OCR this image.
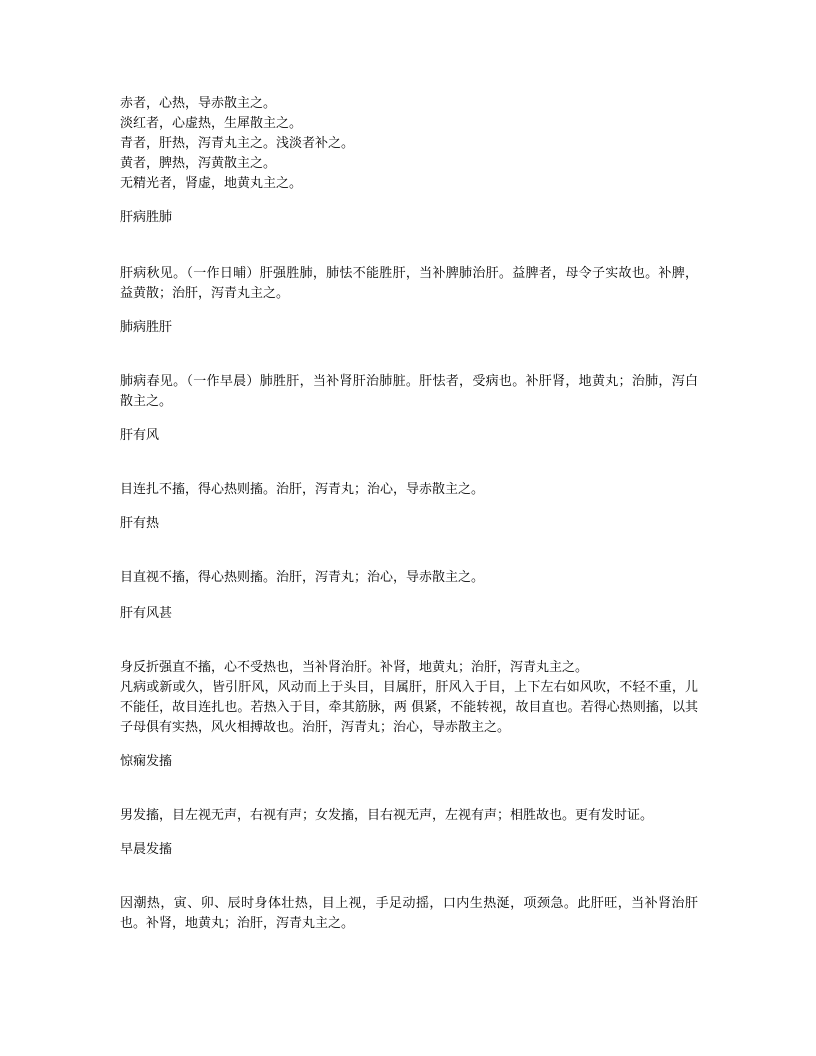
赤者，心热，导赤散主之。
淡红者，心虚热，生犀散主之。
青者，肝热，泻青丸主之。浅淡者补之。
黄者，脾热，泻黄散主之。
无精光者，肾虚，地黄丸主之。
肝病胜肺

肝病秋见。（一作日晡）肝强胜肺，肺怯不能胜肝，当补脾肺治肝。益脾者，母令子实故也。补脾，益黄散；治肝，泻青丸主之。

肺病胜肝

肺病春见。（一作早晨）肺胜肝，当补肾肝治肺脏。肝怯者，受病也。补肝肾，地黄丸；治肺，泻白散主之。

肝有风

目连扎不搐，得心热则搐。治肝，泻青丸；治心，导赤散主之。

肝有热

目直视不搐，得心热则搐。治肝，泻青丸；治心，导赤散主之。

肝有风甚

身反折强直不搐，心不受热也，当补肾治肝。补肾，地黄丸；治肝，泻青丸主之。

凡病或新或久，皆引肝风，风动而上于头目，目属肝，肝风入于目，上下左右如风吹，不轻不重，儿不能任，故目连扎也。若热入于目，牵其筋脉，两 俱紧，不能转视，故目直也。若得心热则搐，以其子母俱有实热，风火相搏故也。治肝，泻青丸；治心，导赤散主之。

惊痫发搐

男发搐，目左视无声，右视有声；女发搐，目右视无声，左视有声；相胜故也。更有发时证。

早晨发搐

因潮热，寅、卯、辰时身体壮热，目上视，手足动摇，口内生热涎，项颈急。此肝旺，当补肾治肝也。补肾，地黄丸；治肝，泻青丸主之。
